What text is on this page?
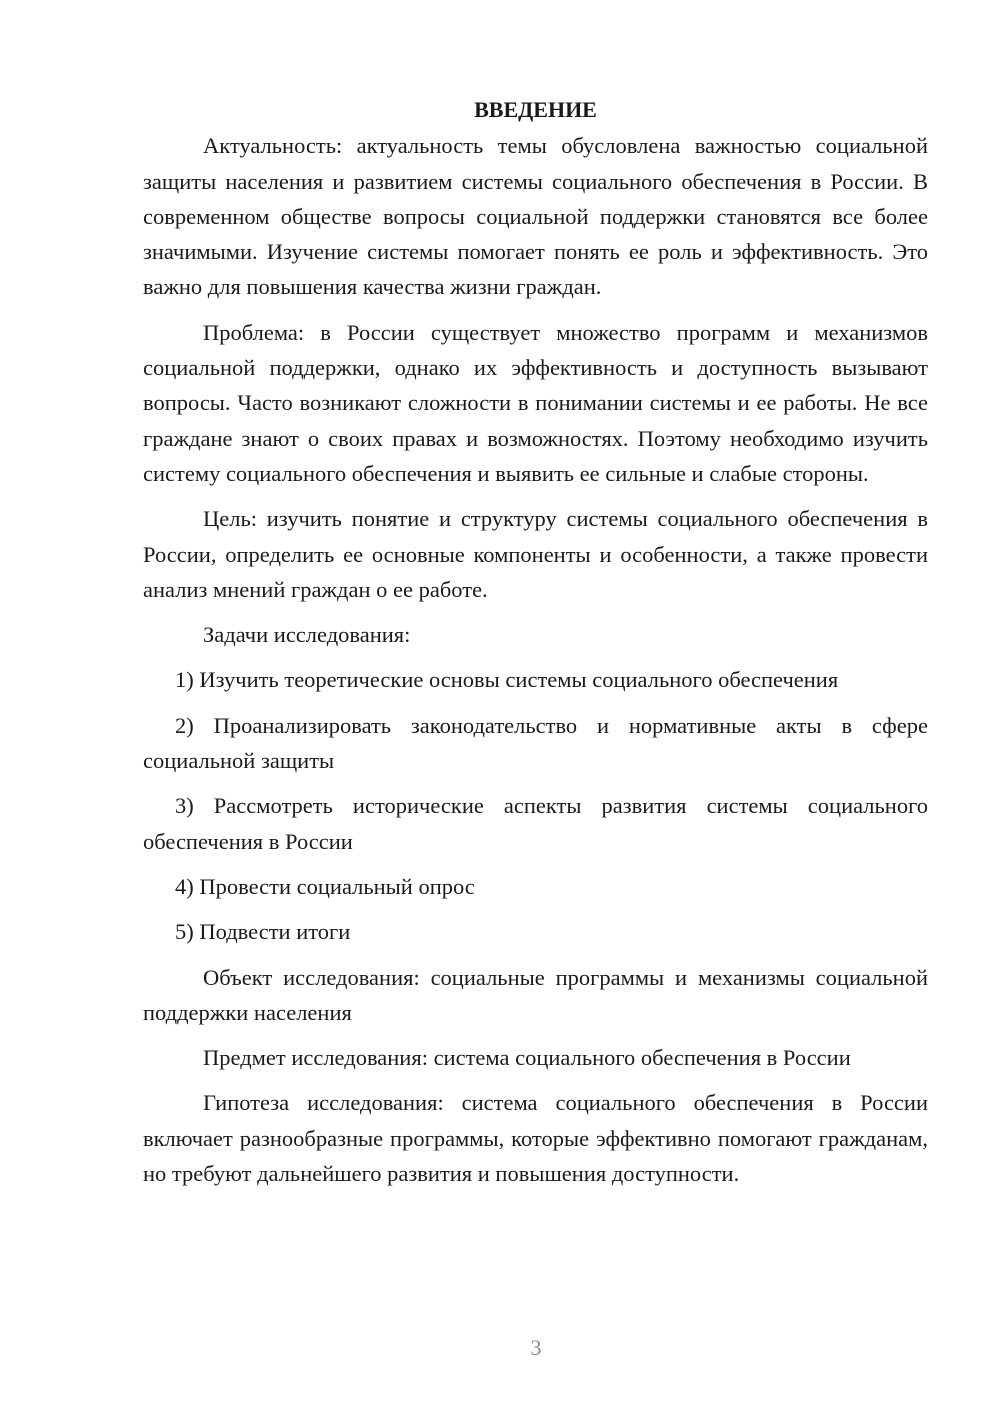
ВВЕДЕНИЕ

Актуальность: актуальность темы обусловлена важностью социальной защиты населения и развитием системы социального обеспечения в России. В современном обществе вопросы социальной поддержки становятся все более значимыми. Изучение системы помогает понять ее роль и эффективность. Это важно для повышения качества жизни граждан.

Проблема: в России существует множество программ и механизмов социальной поддержки, однако их эффективность и доступность вызывают вопросы. Часто возникают сложности в понимании системы и ее работы. Не все граждане знают о своих правах и возможностях. Поэтому необходимо изучить систему социального обеспечения и выявить ее сильные и слабые стороны.

Цель: изучить понятие и структуру системы социального обеспечения в России, определить ее основные компоненты и особенности, а также провести анализ мнений граждан о ее работе.

Задачи исследования:

1) Изучить теоретические основы системы социального обеспечения

2) Проанализировать законодательство и нормативные акты в сфере социальной защиты

3) Рассмотреть исторические аспекты развития системы социального обеспечения в России

4) Провести социальный опрос

5) Подвести итоги

Объект исследования: социальные программы и механизмы социальной поддержки населения

Предмет исследования: система социального обеспечения в России

Гипотеза исследования: система социального обеспечения в России включает разнообразные программы, которые эффективно помогают гражданам, но требуют дальнейшего развития и повышения доступности.

3
